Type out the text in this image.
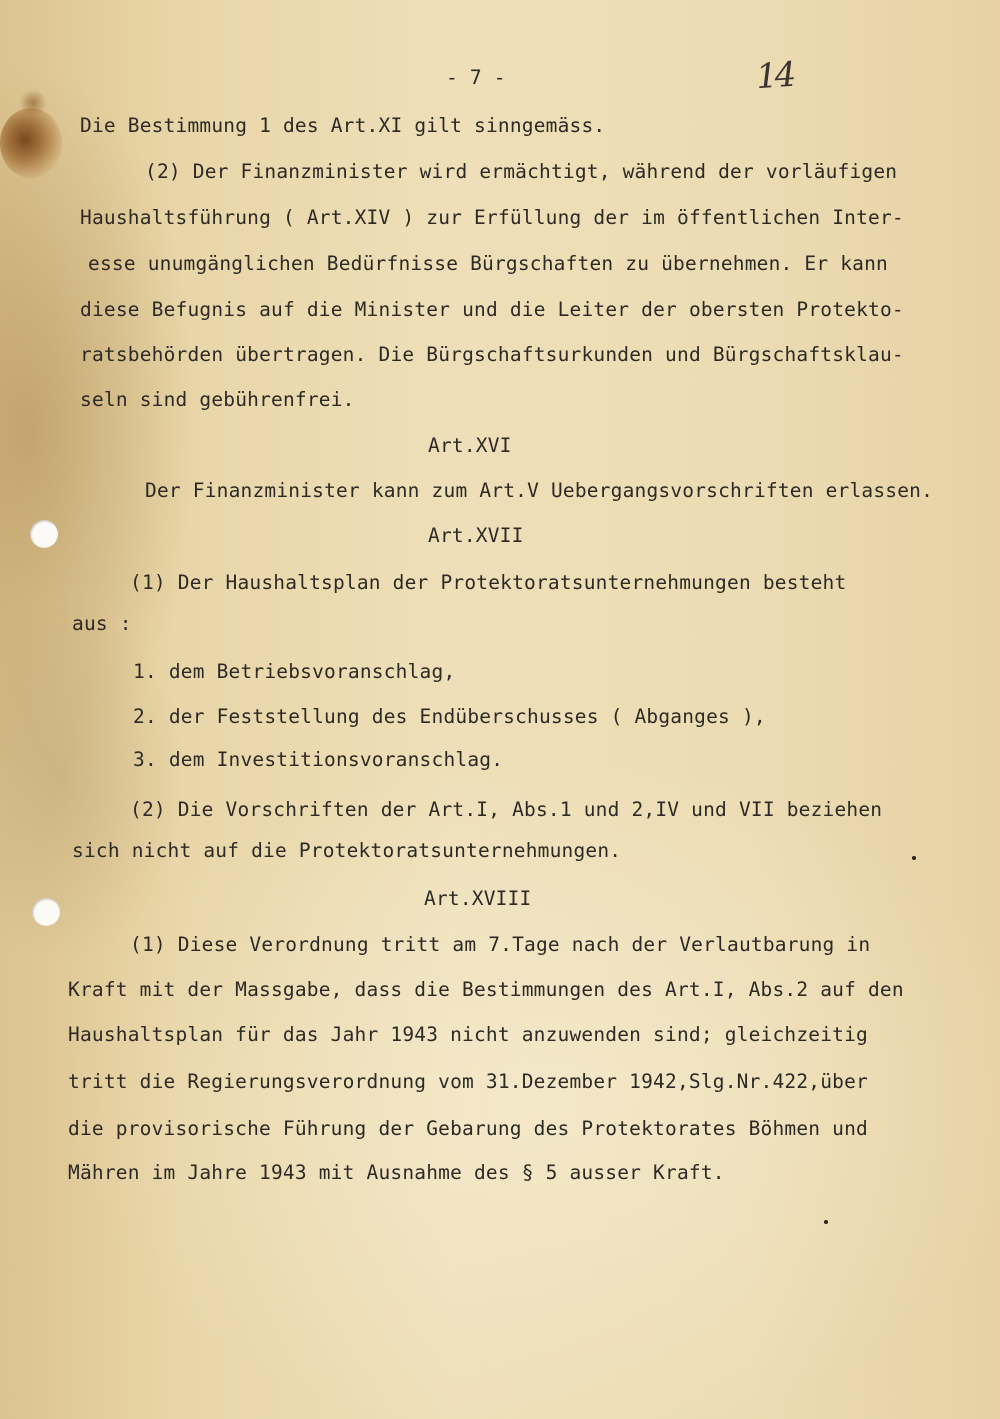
- 7 -	14
Die Bestimmung 1 des Art.XI gilt sinngemäss.
(2) Der Finanzminister wird ermächtigt, während der vorläufigen
Haushaltsführung ( Art.XIV ) zur Erfüllung der im öffentlichen Inter-
esse unumgänglichen Bedürfnisse Bürgschaften zu übernehmen. Er kann
diese Befugnis auf die Minister und die Leiter der obersten Protekto-
ratsbehörden übertragen. Die Bürgschaftsurkunden und Bürgschaftsklau-
seln sind gebührenfrei.
Art.XVI
Der Finanzminister kann zum Art.V Uebergangsvorschriften erlassen.
Art.XVII
(1) Der Haushaltsplan der Protektoratsunternehmungen besteht
aus :
1. dem Betriebsvoranschlag,
2. der Feststellung des Endüberschusses ( Abganges ),
3. dem Investitionsvoranschlag.
(2) Die Vorschriften der Art.I, Abs.1 und 2,IV und VII beziehen
sich nicht auf die Protektoratsunternehmungen.
Art.XVIII
(1) Diese Verordnung tritt am 7.Tage nach der Verlautbarung in
Kraft mit der Massgabe, dass die Bestimmungen des Art.I, Abs.2 auf den
Haushaltsplan für das Jahr 1943 nicht anzuwenden sind; gleichzeitig
tritt die Regierungsverordnung vom 31.Dezember 1942,Slg.Nr.422,über
die provisorische Führung der Gebarung des Protektorates Böhmen und
Mähren im Jahre 1943 mit Ausnahme des § 5 ausser Kraft.
